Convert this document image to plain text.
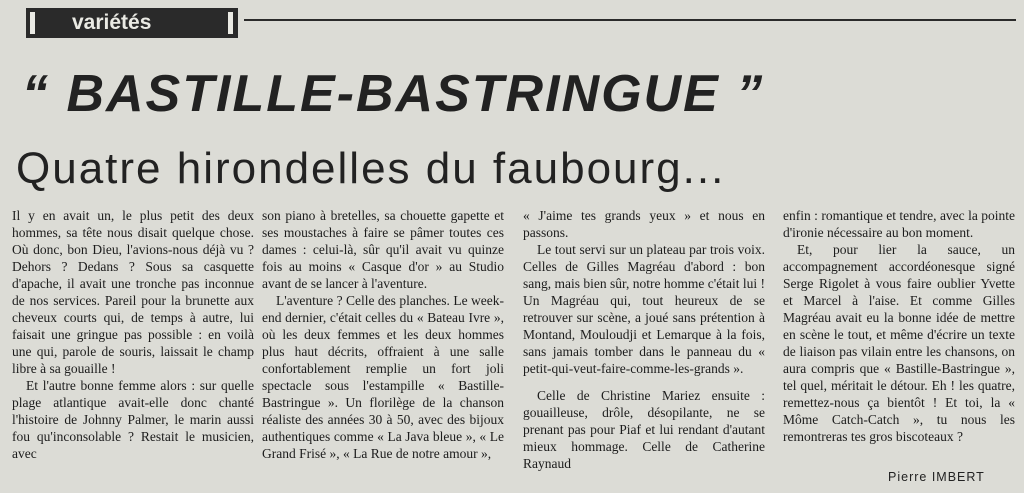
variétés
“ BASTILLE-BASTRINGUE ”
Quatre hirondelles du faubourg...

Il y en avait un, le plus petit des deux hommes, sa tête nous disait quelque chose. Où donc, bon Dieu, l'avions-nous déjà vu ? Dehors ? Dedans ? Sous sa casquette d'apache, il avait une tronche pas inconnue de nos services. Pareil pour la brunette aux cheveux courts qui, de temps à autre, lui faisait une gringue pas possible : en voilà une qui, parole de souris, laissait le champ libre à sa gouaille !

Et l'autre bonne femme alors : sur quelle plage atlantique avait-elle donc chanté l'histoire de Johnny Palmer, le marin aussi fou qu'inconsolable ? Restait le musicien, avec

son piano à bretelles, sa chouette gapette et ses moustaches à faire se pâmer toutes ces dames : celui-là, sûr qu'il avait vu quinze fois au moins « Casque d'or » au Studio avant de se lancer à l'aventure.

L'aventure ? Celle des planches. Le week-end dernier, c'était celles du « Bateau Ivre », où les deux femmes et les deux hommes plus haut décrits, offraient à une salle confortablement remplie un fort joli spectacle sous l'estampille « Bastille-Bastringue ». Un florilège de la chanson réaliste des années 30 à 50, avec des bijoux authentiques comme « La Java bleue », « Le Grand Frisé », « La Rue de notre amour »,

« J'aime tes grands yeux » et nous en passons.

Le tout servi sur un plateau par trois voix. Celles de Gilles Magréau d'abord : bon sang, mais bien sûr, notre homme c'était lui ! Un Magréau qui, tout heureux de se retrouver sur scène, a joué sans prétention à Montand, Mouloudji et Lemarque à la fois, sans jamais tomber dans le panneau du « petit-qui-veut-faire-comme-les-grands ».

Celle de Christine Mariez ensuite : gouailleuse, drôle, désopilante, ne se prenant pas pour Piaf et lui rendant d'autant mieux hommage. Celle de Catherine Raynaud

enfin : romantique et tendre, avec la pointe d'ironie nécessaire au bon moment.

Et, pour lier la sauce, un accompagnement accordéonesque signé Serge Rigolet à vous faire oublier Yvette et Marcel à l'aise. Et comme Gilles Magréau avait eu la bonne idée de mettre en scène le tout, et même d'écrire un texte de liaison pas vilain entre les chansons, on aura compris que « Bastille-Bastringue », tel quel, méritait le détour. Eh ! les quatre, remettez-nous ça bientôt ! Et toi, la « Môme Catch-Catch », tu nous les remontreras tes gros biscoteaux ?

Pierre IMBERT
